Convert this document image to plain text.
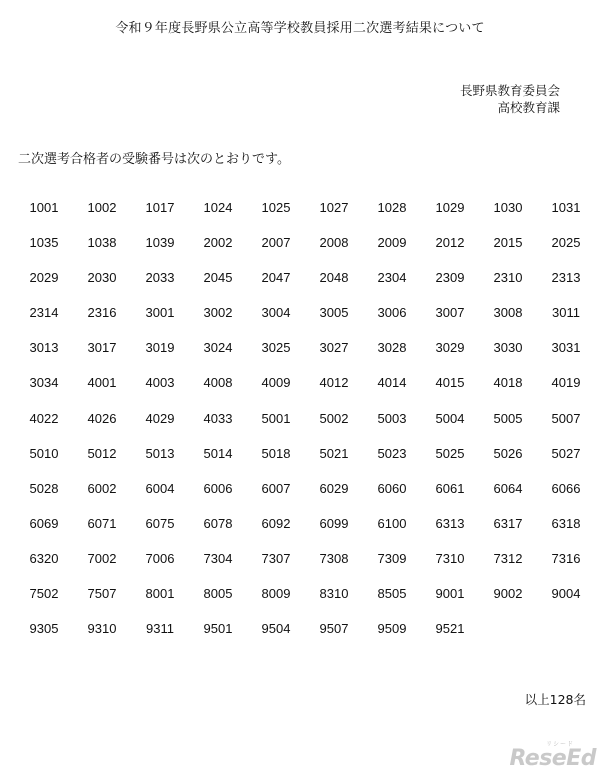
令和９年度長野県公立高等学校教員採用二次選考結果について
長野県教育委員会
高校教育課
二次選考合格者の受験番号は次のとおりです。
1001	1002	1017	1024	1025	1027	1028	1029	1030	1031
1035	1038	1039	2002	2007	2008	2009	2012	2015	2025
2029	2030	2033	2045	2047	2048	2304	2309	2310	2313
2314	2316	3001	3002	3004	3005	3006	3007	3008	3011
3013	3017	3019	3024	3025	3027	3028	3029	3030	3031
3034	4001	4003	4008	4009	4012	4014	4015	4018	4019
4022	4026	4029	4033	5001	5002	5003	5004	5005	5007
5010	5012	5013	5014	5018	5021	5023	5025	5026	5027
5028	6002	6004	6006	6007	6029	6060	6061	6064	6066
6069	6071	6075	6078	6092	6099	6100	6313	6317	6318
6320	7002	7006	7304	7307	7308	7309	7310	7312	7316
7502	7507	8001	8005	8009	8310	8505	9001	9002	9004
9305	9310	9311	9501	9504	9507	9509	9521
以上128名
リシード
ReseEd
